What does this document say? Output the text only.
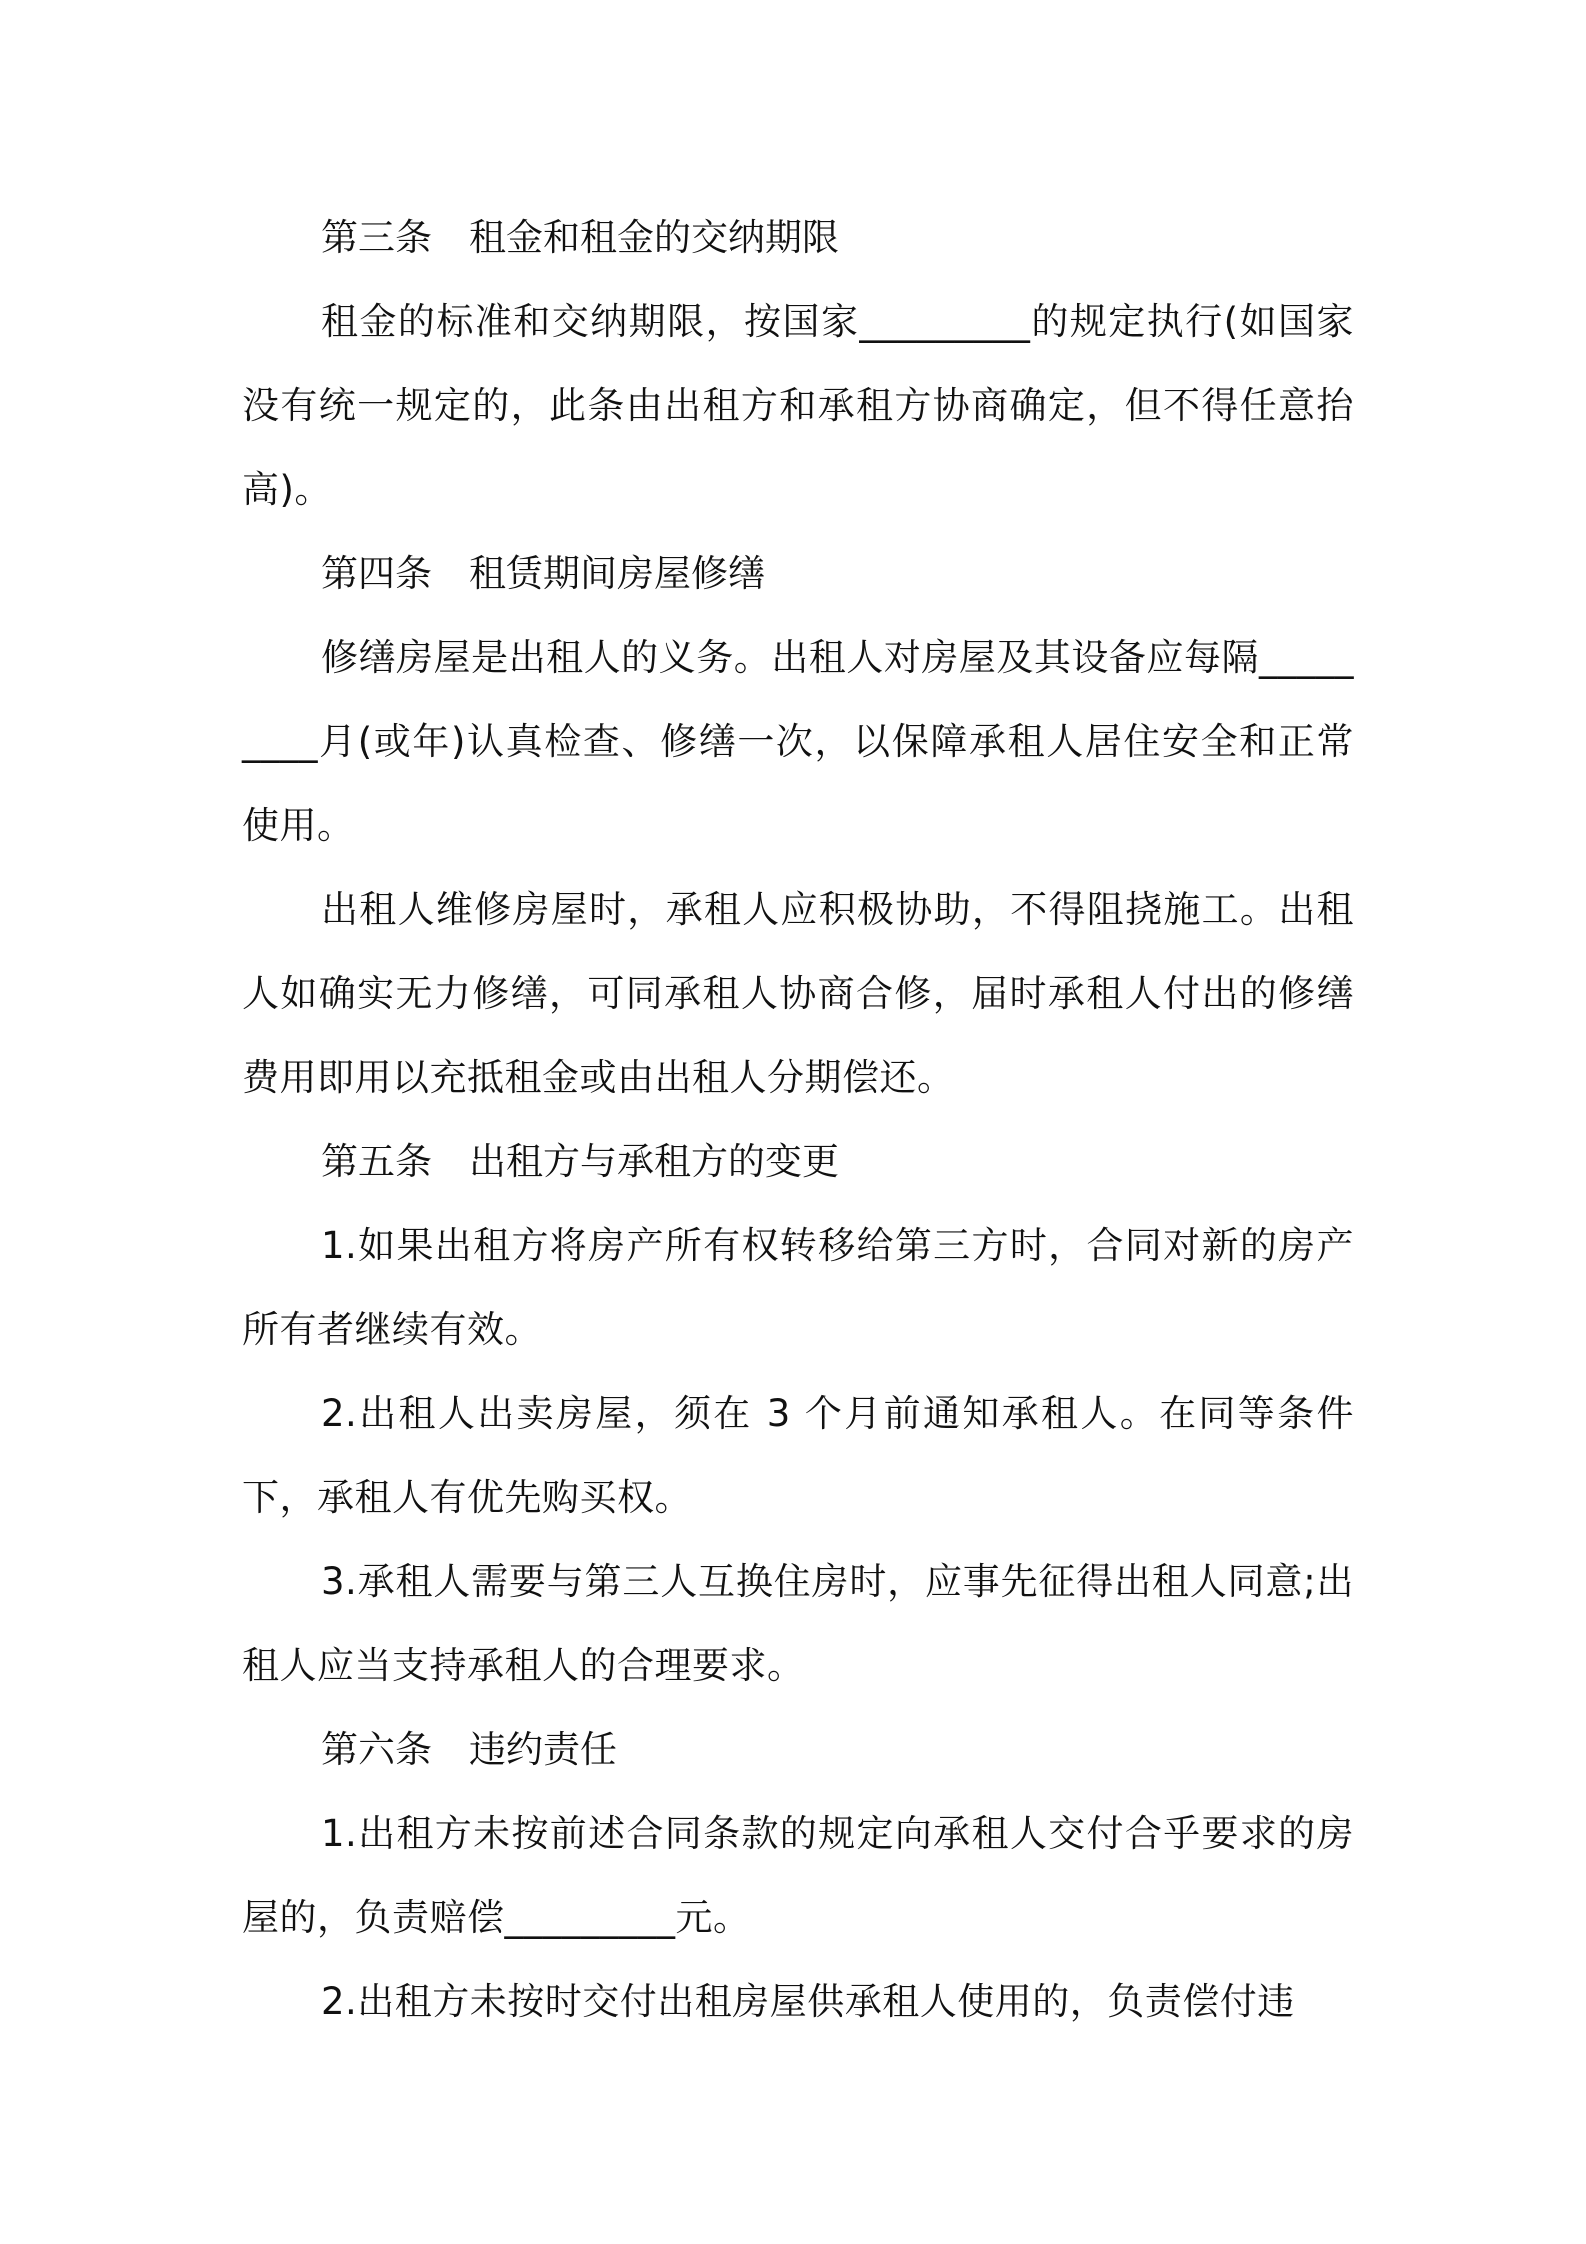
第三条　租金和租金的交纳期限

租金的标准和交纳期限，按国家_________的规定执行(如国家没有统一规定的，此条由出租方和承租方协商确定，但不得任意抬高)。

第四条　租赁期间房屋修缮

修缮房屋是出租人的义务。出租人对房屋及其设备应每隔_________月(或年)认真检查、修缮一次，以保障承租人居住安全和正常使用。

出租人维修房屋时，承租人应积极协助，不得阻挠施工。出租人如确实无力修缮，可同承租人协商合修，届时承租人付出的修缮费用即用以充抵租金或由出租人分期偿还。

第五条　出租方与承租方的变更

1.如果出租方将房产所有权转移给第三方时，合同对新的房产所有者继续有效。

2.出租人出卖房屋，须在 3 个月前通知承租人。在同等条件下，承租人有优先购买权。

3.承租人需要与第三人互换住房时，应事先征得出租人同意;出租人应当支持承租人的合理要求。

第六条　违约责任

1.出租方未按前述合同条款的规定向承租人交付合乎要求的房屋的，负责赔偿_________元。

2.出租方未按时交付出租房屋供承租人使用的，负责偿付违
